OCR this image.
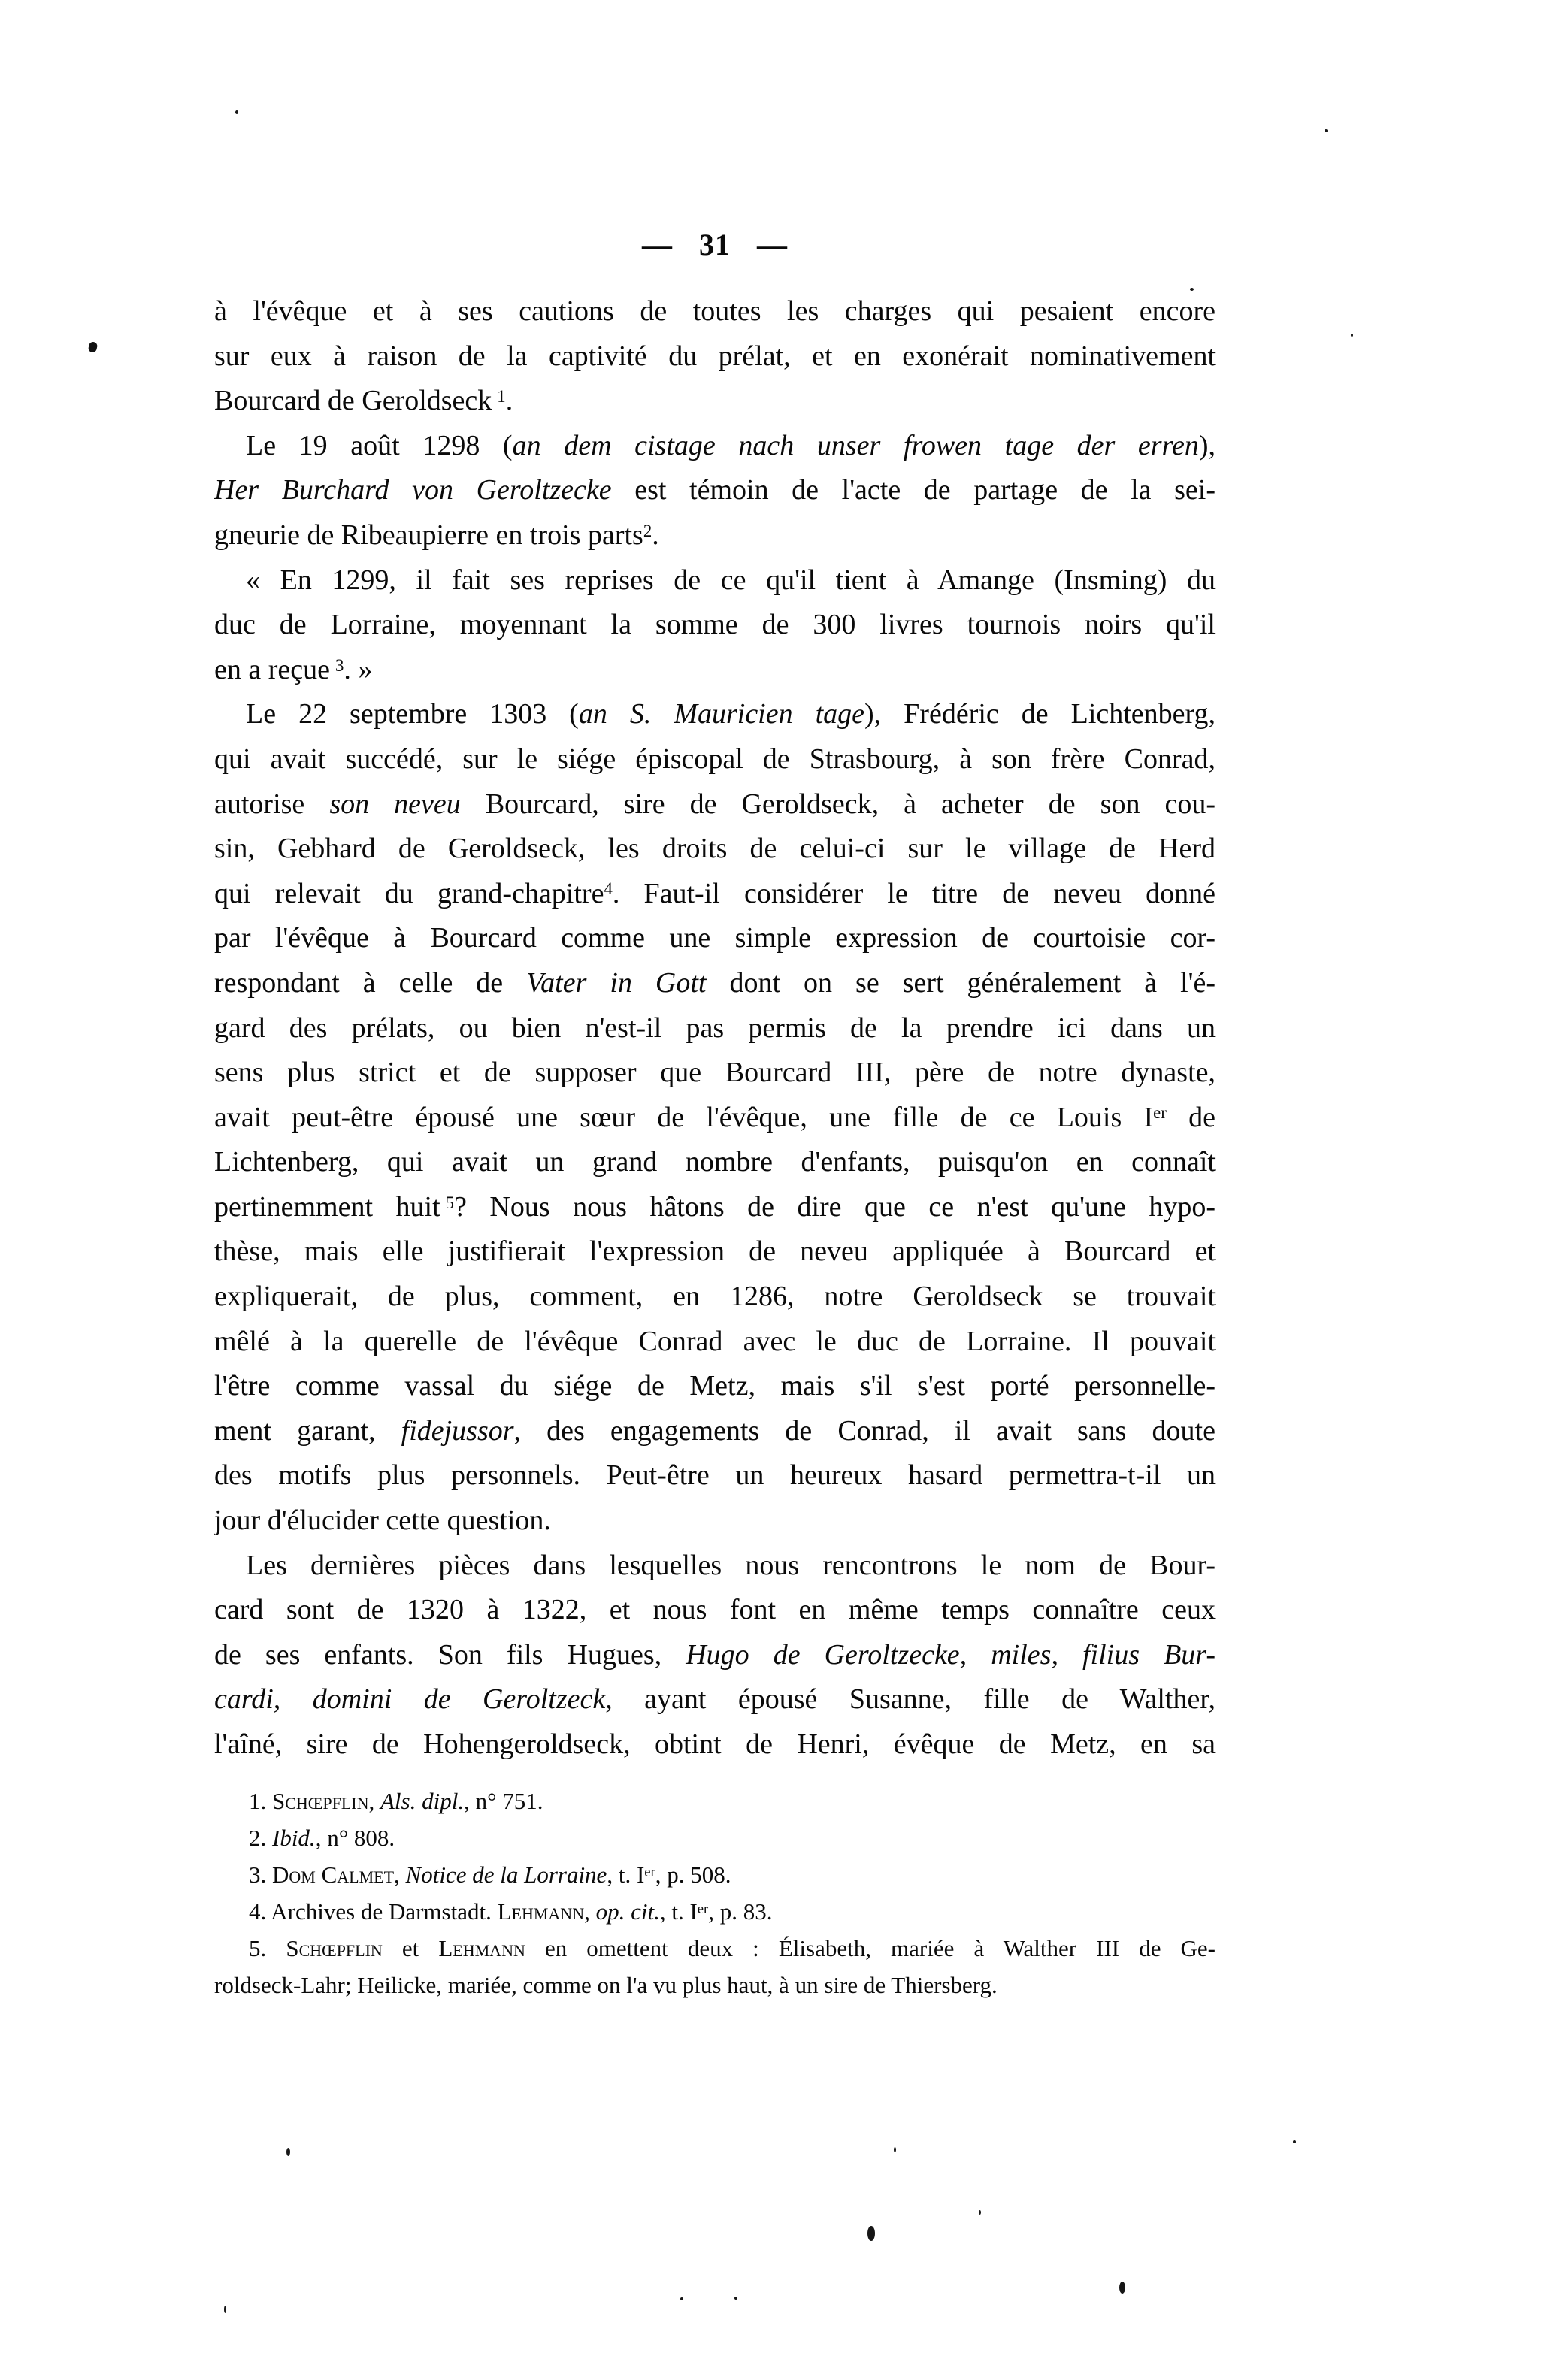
— 31 —
à l'évêque et à ses cautions de toutes les charges qui pesaient encore
sur eux à raison de la captivité du prélat, et en exonérait nominativement
Bourcard de Geroldseck $^1$.
Le 19 août 1298 (an dem cistage nach unser frowen tage der erren),
Her Burchard von Geroltzecke est témoin de l'acte de partage de la sei-
gneurie de Ribeaupierre en trois parts$^2$.
« En 1299, il fait ses reprises de ce qu'il tient à Amange (Insming) du
duc de Lorraine, moyennant la somme de 300 livres tournois noirs qu'il
en a reçue $^3$. »
Le 22 septembre 1303 (an S. Mauricien tage), Frédéric de Lichtenberg,
qui avait succédé, sur le siége épiscopal de Strasbourg, à son frère Conrad,
autorise son neveu Bourcard, sire de Geroldseck, à acheter de son cou-
sin, Gebhard de Geroldseck, les droits de celui-ci sur le village de Herd
qui relevait du grand-chapitre$^4$. Faut-il considérer le titre de neveu donné
par l'évêque à Bourcard comme une simple expression de courtoisie cor-
respondant à celle de Vater in Gott dont on se sert généralement à l'é-
gard des prélats, ou bien n'est-il pas permis de la prendre ici dans un
sens plus strict et de supposer que Bourcard III, père de notre dynaste,
avait peut-être épousé une sœur de l'évêque, une fille de ce Louis Ier de
Lichtenberg, qui avait un grand nombre d'enfants, puisqu'on en connaît
pertinemment huit $^5$? Nous nous hâtons de dire que ce n'est qu'une hypo-
thèse, mais elle justifierait l'expression de neveu appliquée à Bourcard et
expliquerait, de plus, comment, en 1286, notre Geroldseck se trouvait
mêlé à la querelle de l'évêque Conrad avec le duc de Lorraine. Il pouvait
l'être comme vassal du siége de Metz, mais s'il s'est porté personnelle-
ment garant, fidejussor, des engagements de Conrad, il avait sans doute
des motifs plus personnels. Peut-être un heureux hasard permettra-t-il un
jour d'élucider cette question.
Les dernières pièces dans lesquelles nous rencontrons le nom de Bour-
card sont de 1320 à 1322, et nous font en même temps connaître ceux
de ses enfants. Son fils Hugues, Hugo de Geroltzecke, miles, filius Bur-
cardi, domini de Geroltzeck, ayant épousé Susanne, fille de Walther,
l'aîné, sire de Hohengeroldseck, obtint de Henri, évêque de Metz, en sa
1. Schœpflin, Als. dipl., n° 751.
2. Ibid., n° 808.
3. Dom Calmet, Notice de la Lorraine, t. Ier, p. 508.
4. Archives de Darmstadt. Lehmann, op. cit., t. Ier, p. 83.
5. Schœpflin et Lehmann en omettent deux : Élisabeth, mariée à Walther III de Ge-
roldseck-Lahr; Heilicke, mariée, comme on l'a vu plus haut, à un sire de Thiersberg.
